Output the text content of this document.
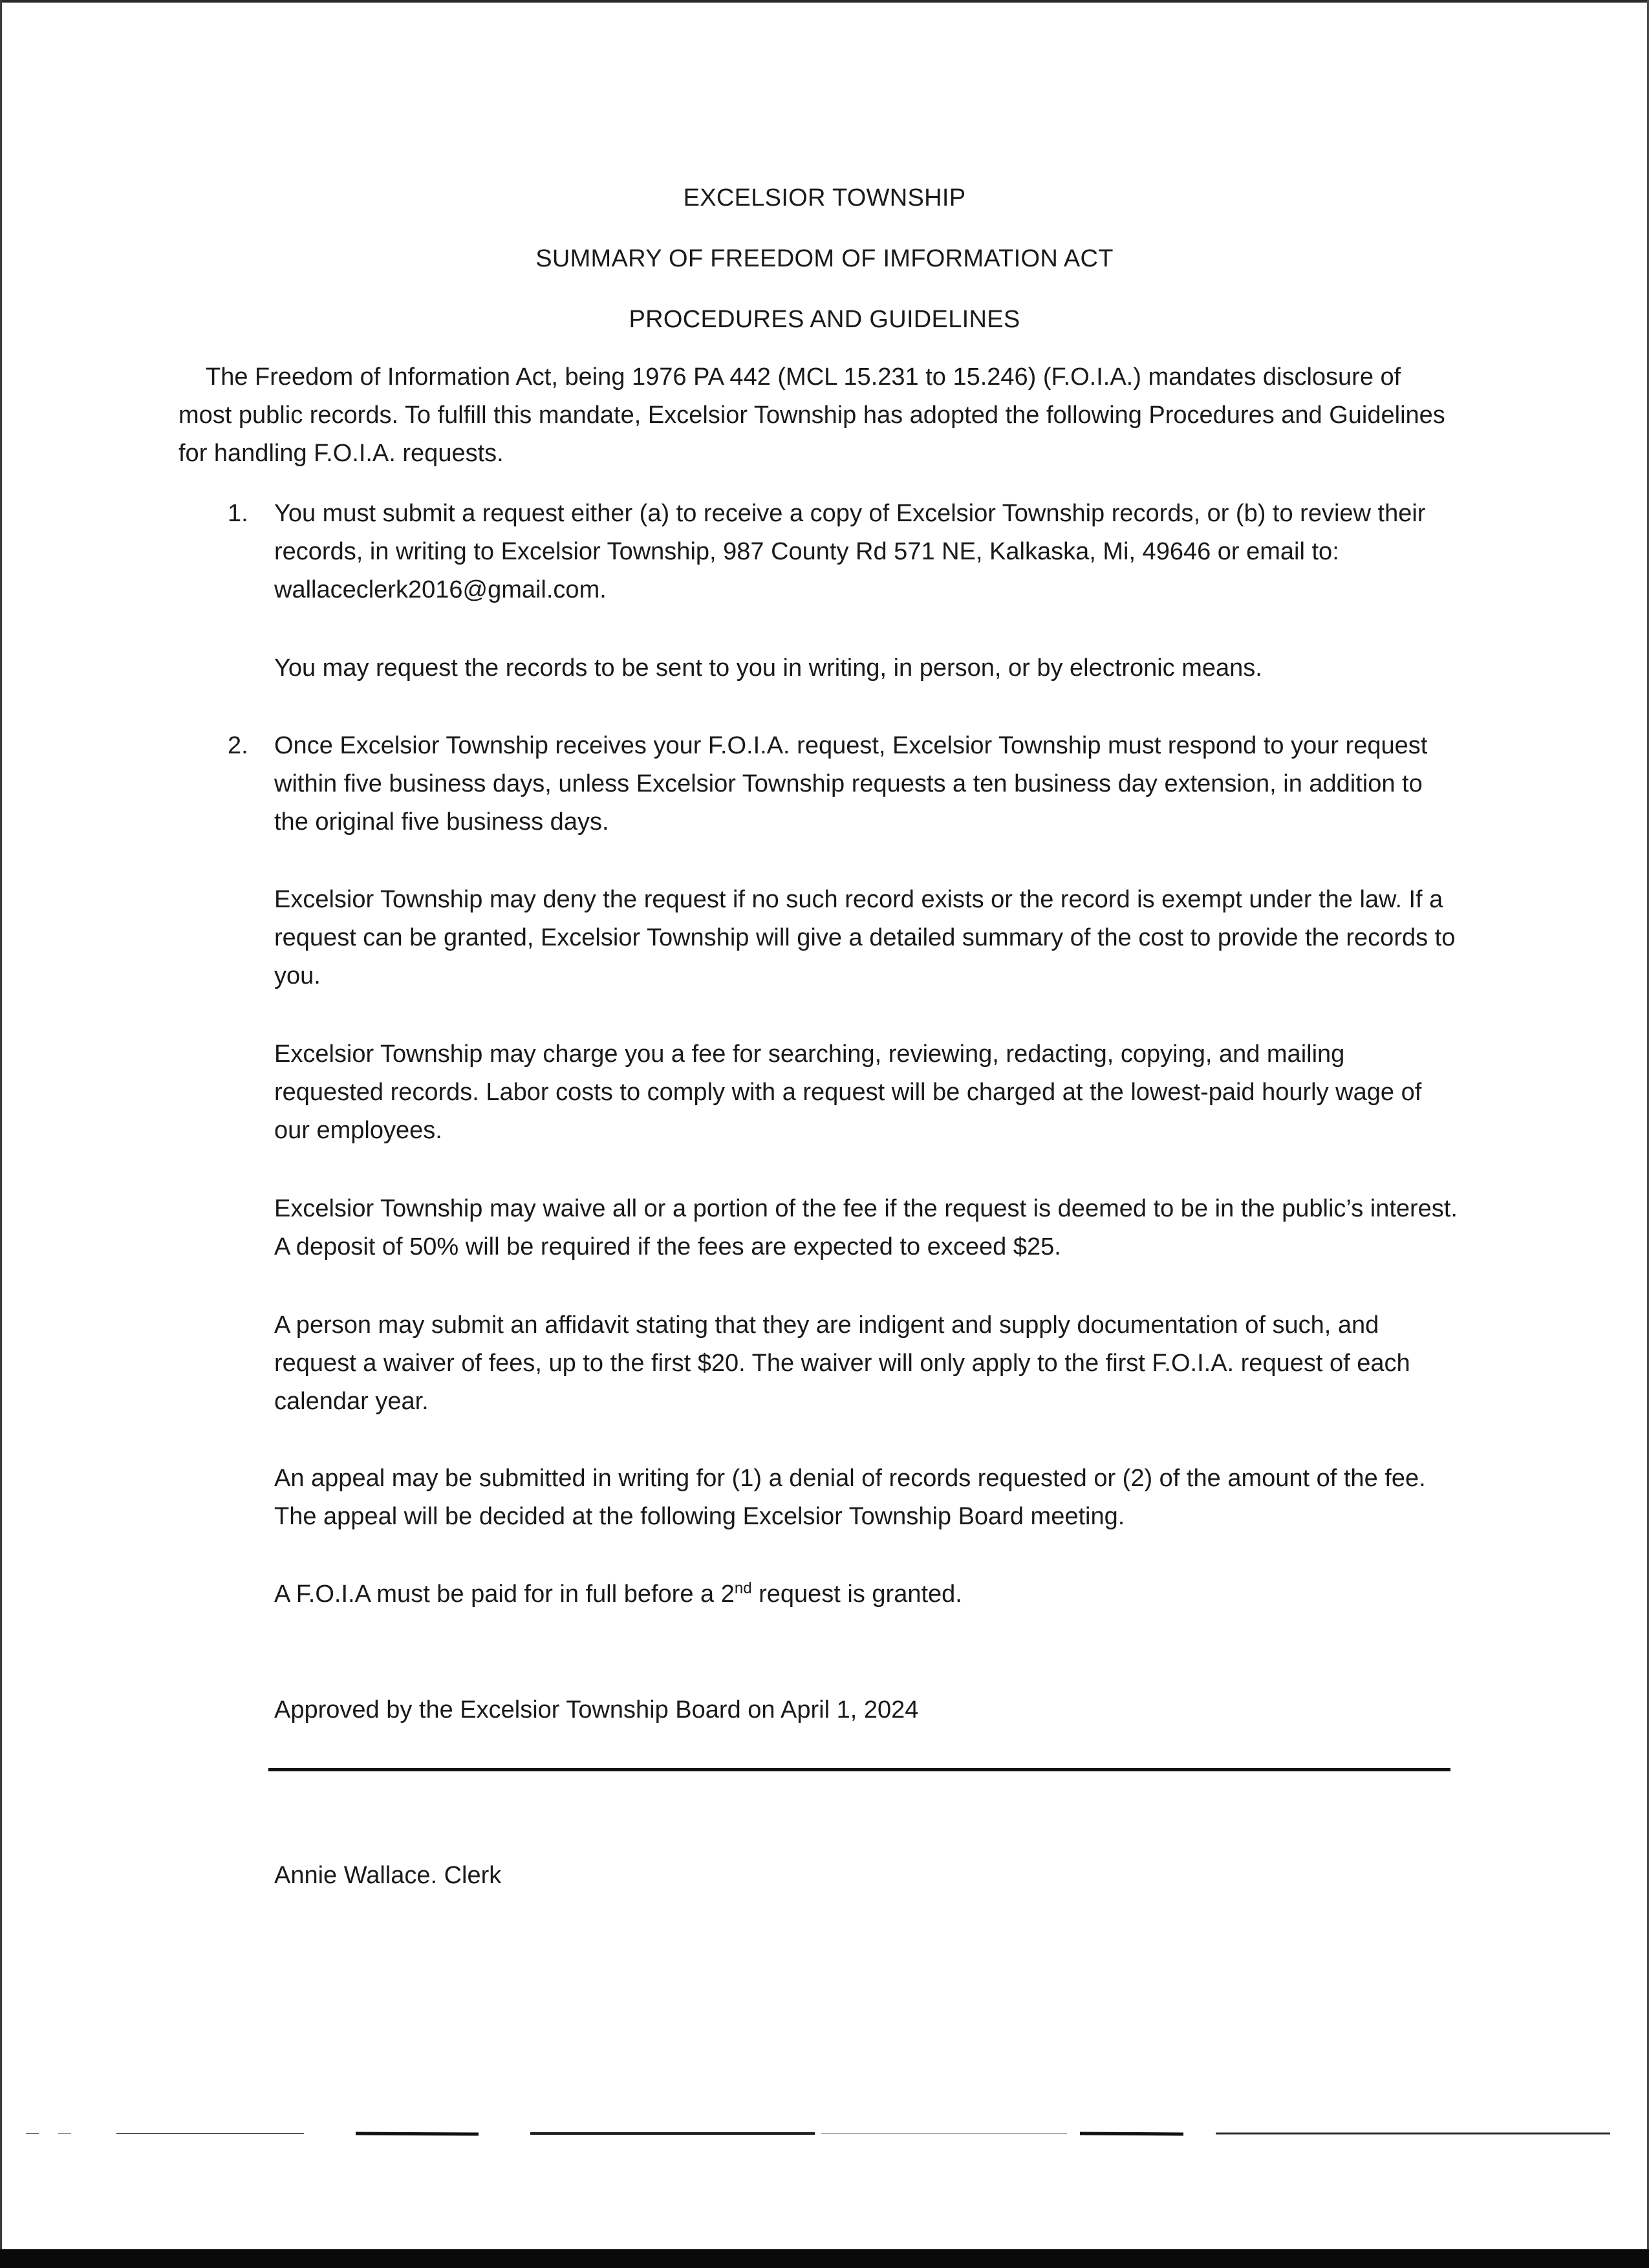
EXCELSIOR TOWNSHIP
SUMMARY OF FREEDOM OF IMFORMATION ACT
PROCEDURES AND GUIDELINES

The Freedom of Information Act, being 1976 PA 442 (MCL 15.231 to 15.246) (F.O.I.A.) mandates disclosure of most public records. To fulfill this mandate, Excelsior Township has adopted the following Procedures and Guidelines for handling F.O.I.A. requests.

1. You must submit a request either (a) to receive a copy of Excelsior Township records, or (b) to review their records, in writing to Excelsior Township, 987 County Rd 571 NE, Kalkaska, Mi, 49646 or email to: wallaceclerk2016@gmail.com.

You may request the records to be sent to you in writing, in person, or by electronic means.

2. Once Excelsior Township receives your F.O.I.A. request, Excelsior Township must respond to your request within five business days, unless Excelsior Township requests a ten business day extension, in addition to the original five business days.

Excelsior Township may deny the request if no such record exists or the record is exempt under the law. If a request can be granted, Excelsior Township will give a detailed summary of the cost to provide the records to you.

Excelsior Township may charge you a fee for searching, reviewing, redacting, copying, and mailing requested records. Labor costs to comply with a request will be charged at the lowest-paid hourly wage of our employees.

Excelsior Township may waive all or a portion of the fee if the request is deemed to be in the public’s interest. A deposit of 50% will be required if the fees are expected to exceed $25.

A person may submit an affidavit stating that they are indigent and supply documentation of such, and request a waiver of fees, up to the first $20. The waiver will only apply to the first F.O.I.A. request of each calendar year.

An appeal may be submitted in writing for (1) a denial of records requested or (2) of the amount of the fee. The appeal will be decided at the following Excelsior Township Board meeting.

A F.O.I.A must be paid for in full before a 2nd request is granted.

Approved by the Excelsior Township Board on April 1, 2024

Annie Wallace. Clerk
